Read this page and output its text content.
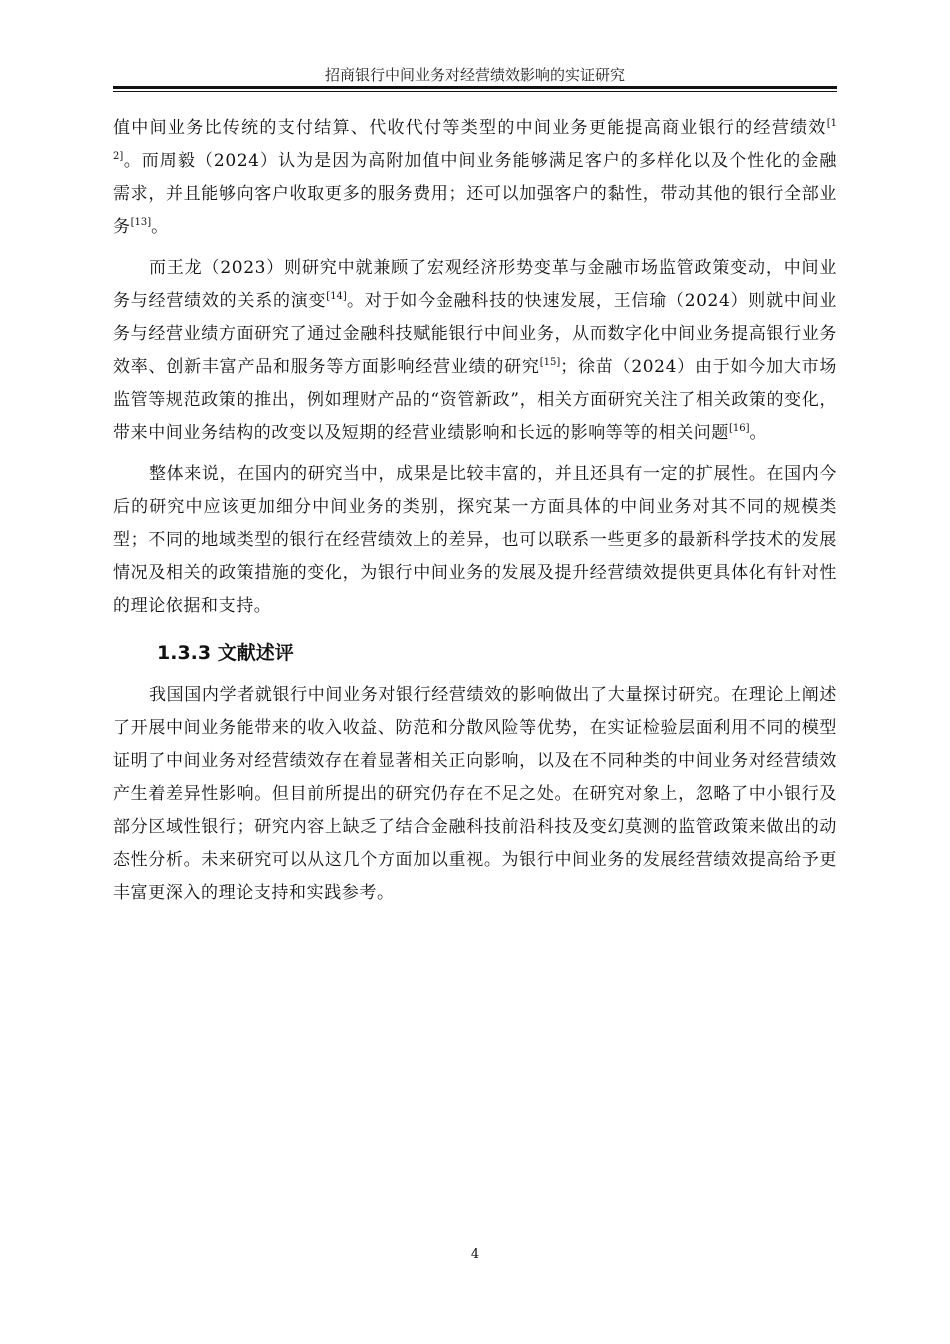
招商银行中间业务对经营绩效影响的实证研究

值中间业务比传统的支付结算、代收代付等类型的中间业务更能提高商业银行的经营绩效[12]。而周毅（2024）认为是因为高附加值中间业务能够满足客户的多样化以及个性化的金融需求，并且能够向客户收取更多的服务费用；还可以加强客户的黏性，带动其他的银行全部业务[13]。

而王龙（2023）则研究中就兼顾了宏观经济形势变革与金融市场监管政策变动，中间业务与经营绩效的关系的演变[14]。对于如今金融科技的快速发展，王信瑜（2024）则就中间业务与经营业绩方面研究了通过金融科技赋能银行中间业务，从而数字化中间业务提高银行业务效率、创新丰富产品和服务等方面影响经营业绩的研究[15]；徐苗（2024）由于如今加大市场监管等规范政策的推出，例如理财产品的“资管新政”，相关方面研究关注了相关政策的变化，带来中间业务结构的改变以及短期的经营业绩影响和长远的影响等等的相关问题[16]。

整体来说，在国内的研究当中，成果是比较丰富的，并且还具有一定的扩展性。在国内今后的研究中应该更加细分中间业务的类别，探究某一方面具体的中间业务对其不同的规模类型；不同的地域类型的银行在经营绩效上的差异，也可以联系一些更多的最新科学技术的发展情况及相关的政策措施的变化，为银行中间业务的发展及提升经营绩效提供更具体化有针对性的理论依据和支持。

1.3.3 文献述评

我国国内学者就银行中间业务对银行经营绩效的影响做出了大量探讨研究。在理论上阐述了开展中间业务能带来的收入收益、防范和分散风险等优势，在实证检验层面利用不同的模型证明了中间业务对经营绩效存在着显著相关正向影响，以及在不同种类的中间业务对经营绩效产生着差异性影响。但目前所提出的研究仍存在不足之处。在研究对象上，忽略了中小银行及部分区域性银行；研究内容上缺乏了结合金融科技前沿科技及变幻莫测的监管政策来做出的动态性分析。未来研究可以从这几个方面加以重视。为银行中间业务的发展经营绩效提高给予更丰富更深入的理论支持和实践参考。

4
